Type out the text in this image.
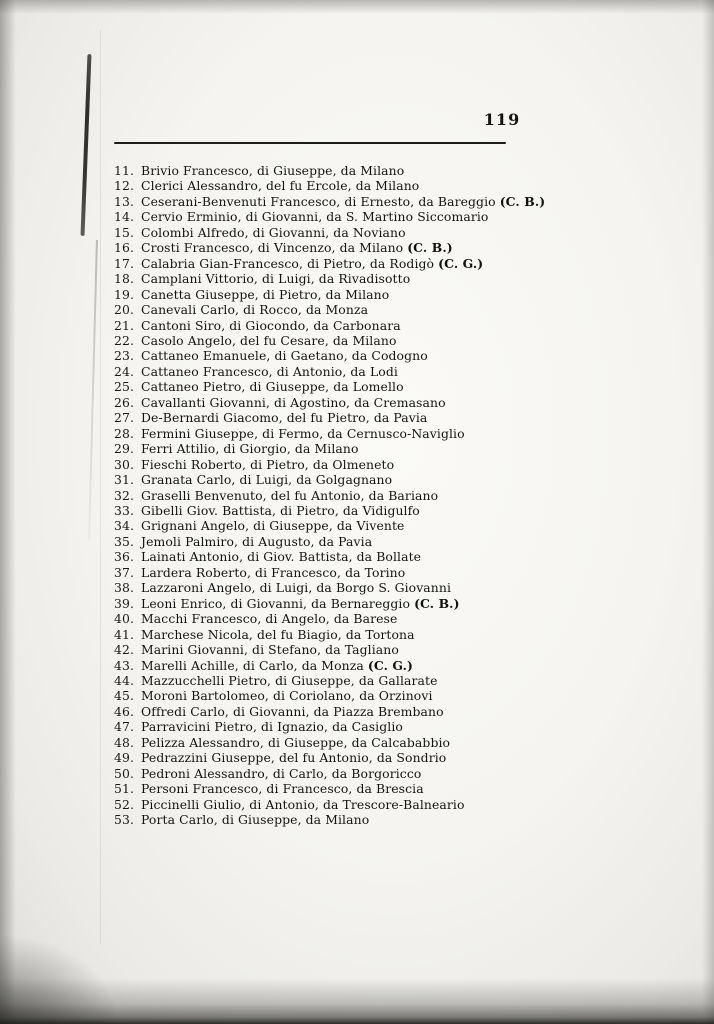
119
11. Brivio Francesco, di Giuseppe, da Milano
12. Clerici Alessandro, del fu Ercole, da Milano
13. Ceserani-Benvenuti Francesco, di Ernesto, da Bareggio (C. B.)
14. Cervio Erminio, di Giovanni, da S. Martino Siccomario
15. Colombi Alfredo, di Giovanni, da Noviano
16. Crosti Francesco, di Vincenzo, da Milano (C. B.)
17. Calabria Gian-Francesco, di Pietro, da Rodigò (C. G.)
18. Camplani Vittorio, di Luigi, da Rivadisotto
19. Canetta Giuseppe, di Pietro, da Milano
20. Canevali Carlo, di Rocco, da Monza
21. Cantoni Siro, di Giocondo, da Carbonara
22. Casolo Angelo, del fu Cesare, da Milano
23. Cattaneo Emanuele, di Gaetano, da Codogno
24. Cattaneo Francesco, di Antonio, da Lodi
25. Cattaneo Pietro, di Giuseppe, da Lomello
26. Cavallanti Giovanni, di Agostino, da Cremasano
27. De-Bernardi Giacomo, del fu Pietro, da Pavia
28. Fermini Giuseppe, di Fermo, da Cernusco-Naviglio
29. Ferri Attilio, di Giorgio, da Milano
30. Fieschi Roberto, di Pietro, da Olmeneto
31. Granata Carlo, di Luigi, da Golgagnano
32. Graselli Benvenuto, del fu Antonio, da Bariano
33. Gibelli Giov. Battista, di Pietro, da Vidigulfo
34. Grignani Angelo, di Giuseppe, da Vivente
35. Jemoli Palmiro, di Augusto, da Pavia
36. Lainati Antonio, di Giov. Battista, da Bollate
37. Lardera Roberto, di Francesco, da Torino
38. Lazzaroni Angelo, di Luigi, da Borgo S. Giovanni
39. Leoni Enrico, di Giovanni, da Bernareggio (C. B.)
40. Macchi Francesco, di Angelo, da Barese
41. Marchese Nicola, del fu Biagio, da Tortona
42. Marini Giovanni, di Stefano, da Tagliano
43. Marelli Achille, di Carlo, da Monza (C. G.)
44. Mazzucchelli Pietro, di Giuseppe, da Gallarate
45. Moroni Bartolomeo, di Coriolano, da Orzinovi
46. Offredi Carlo, di Giovanni, da Piazza Brembano
47. Parravicini Pietro, di Ignazio, da Casiglio
48. Pelizza Alessandro, di Giuseppe, da Calcababbio
49. Pedrazzini Giuseppe, del fu Antonio, da Sondrio
50. Pedroni Alessandro, di Carlo, da Borgoricco
51. Personi Francesco, di Francesco, da Brescia
52. Piccinelli Giulio, di Antonio, da Trescore-Balneario
53. Porta Carlo, di Giuseppe, da Milano
